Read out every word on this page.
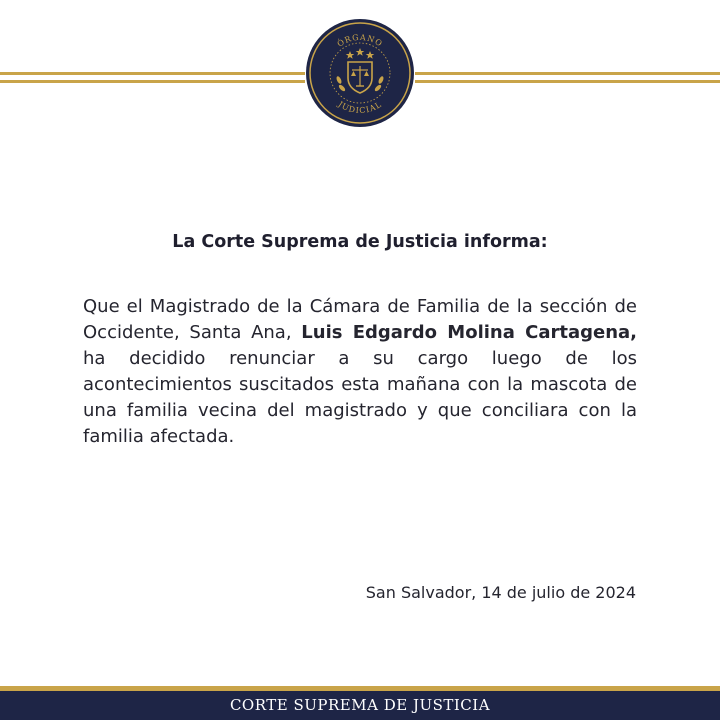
ÓRGANO
JUDICIAL
La Corte Suprema de Justicia informa:

Que el Magistrado de la Cámara de Familia de la sección de Occidente, Santa Ana, Luis Edgardo Molina Cartagena, ha decidido renunciar a su cargo luego de los acontecimientos suscitados esta mañana con la mascota de una familia vecina del magistrado y que conciliara con la familia afectada.

San Salvador, 14 de julio de 2024
CORTE SUPREMA DE JUSTICIA
